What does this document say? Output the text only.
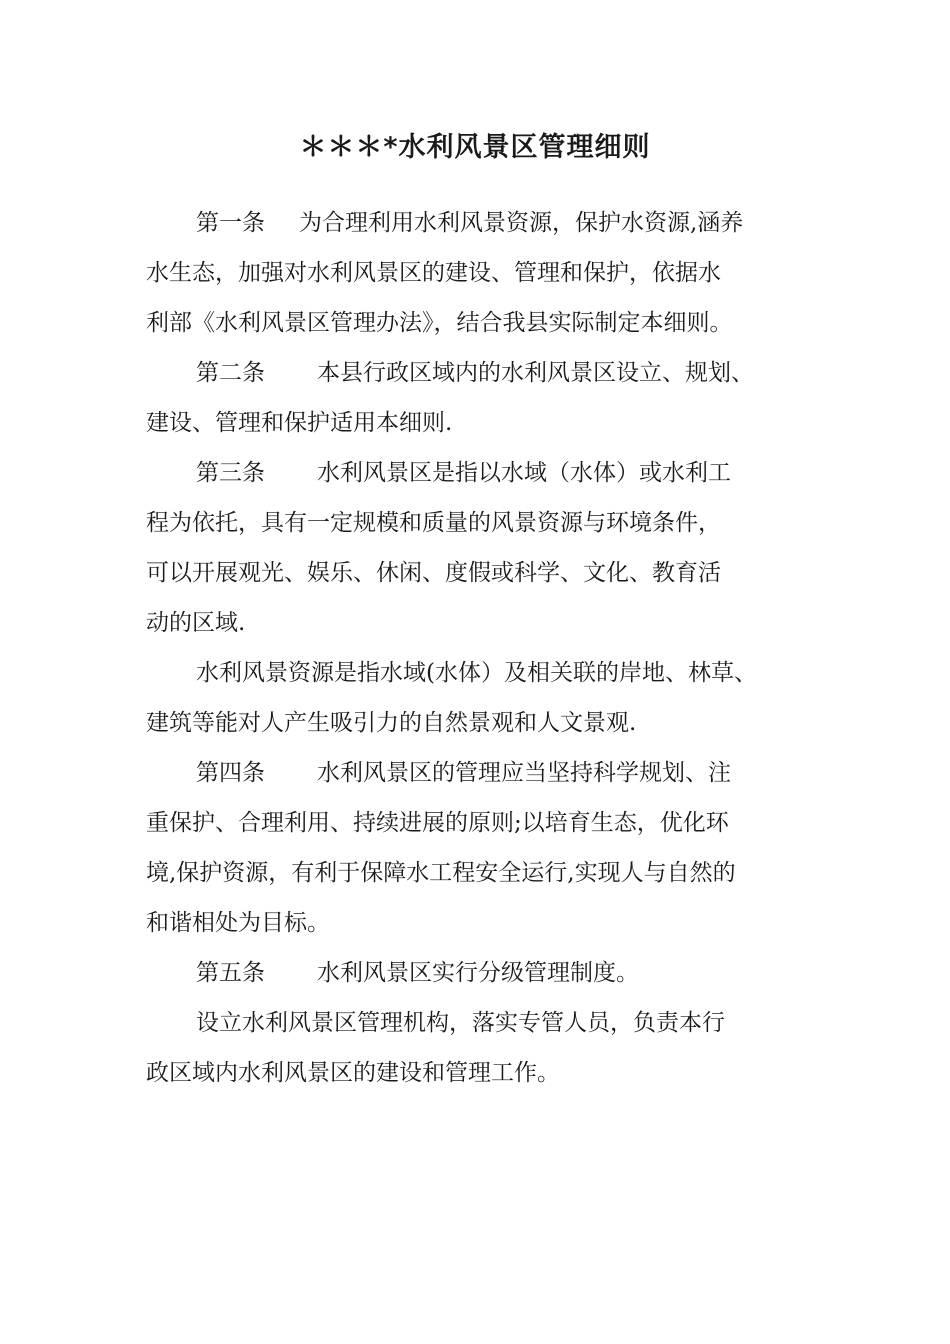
＊＊＊*水利风景区管理细则

第一条 为合理利用水利风景资源，保护水资源,涵养

水生态，加强对水利风景区的建设、管理和保护，依据水

利部《水利风景区管理办法》，结合我县实际制定本细则。

第二条 本县行政区域内的水利风景区设立、规划、

建设、管理和保护适用本细则.

第三条 水利风景区是指以水域（水体）或水利工

程为依托，具有一定规模和质量的风景资源与环境条件，

可以开展观光、娱乐、休闲、度假或科学、文化、教育活

动的区域.

水利风景资源是指水域(水体）及相关联的岸地、林草、

建筑等能对人产生吸引力的自然景观和人文景观.

第四条 水利风景区的管理应当坚持科学规划、注

重保护、合理利用、持续进展的原则;以培育生态，优化环

境,保护资源，有利于保障水工程安全运行,实现人与自然的

和谐相处为目标。

第五条 水利风景区实行分级管理制度。

设立水利风景区管理机构，落实专管人员，负责本行

政区域内水利风景区的建设和管理工作。
